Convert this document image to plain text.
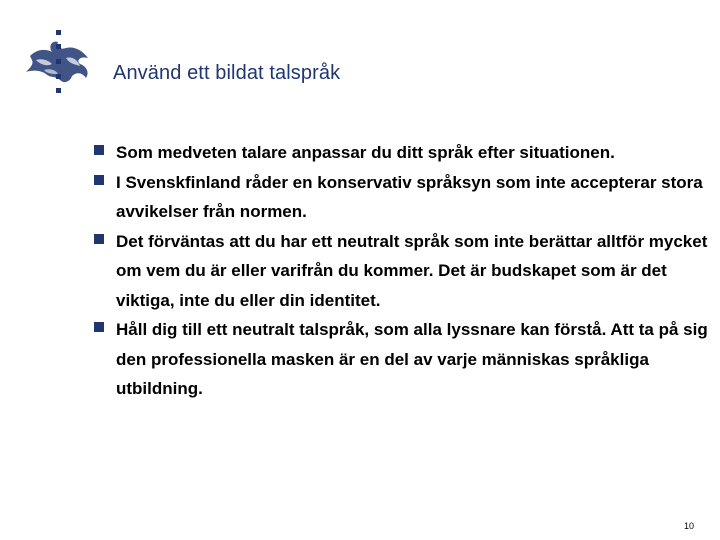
Använd ett bildat talspråk
Som medveten talare anpassar du ditt språk efter situationen.
I Svenskfinland råder en konservativ språksyn som inte accepterar stora avvikelser från normen.
Det förväntas att du har ett neutralt språk som inte berättar alltför mycket om vem du är eller varifrån du kommer. Det är budskapet som är det viktiga, inte du eller din identitet.
Håll dig till ett neutralt talspråk, som alla lyssnare kan förstå. Att ta på sig den professionella masken är en del av varje människas språkliga utbildning.
10
